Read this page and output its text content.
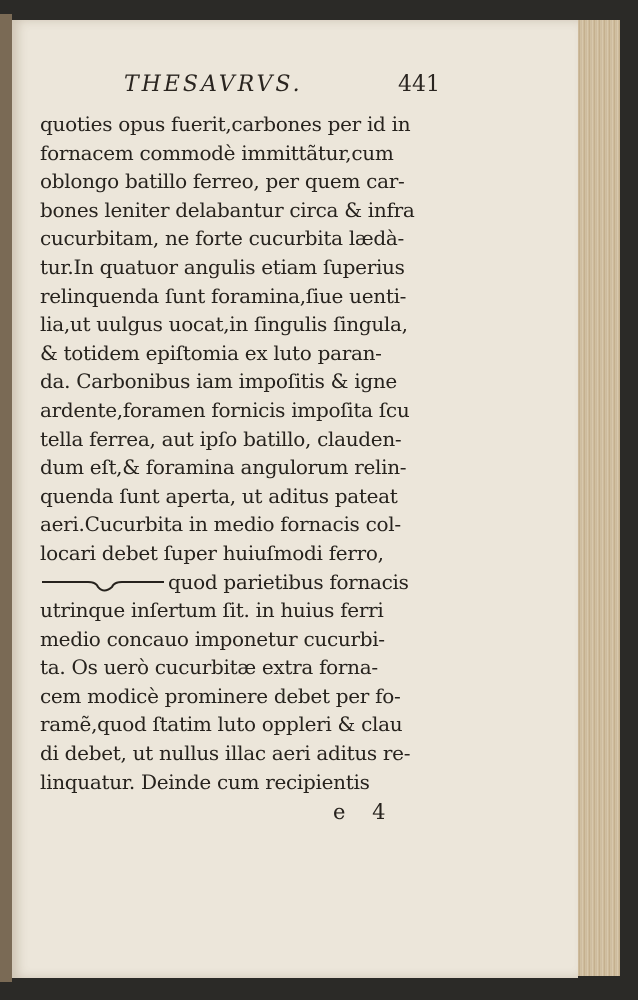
THESAVRVS.	441
quoties opus fuerit,carbones per id in
fornacem commodè immittãtur,cum
oblongo batillo ferreo, per quem car-
bones leniter delabantur circa & infra
cucurbitam, ne forte cucurbita lædà-
tur.In quatuor angulis etiam ſuperius
relinquenda ſunt foramina,ſiue uenti-
lia,ut uulgus uocat,in ſingulis ſingula,
& totidem epiſtomia ex luto paran-
da. Carbonibus iam impoſitis & igne
ardente,foramen fornicis impoſita ſcu
tella ferrea, aut ipſo batillo, clauden-
dum eſt,& foramina angulorum relin-
quenda ſunt aperta, ut aditus pateat
aeri.Cucurbita in medio fornacis col-
locari debet ſuper huiuſmodi ferro,
quod parietibus fornacis
utrinque inſertum ſit. in huius ferri
medio concauo imponetur cucurbi-
ta. Os uerò cucurbitæ extra forna-
cem modicè prominere debet per fo-
ramẽ,quod ſtatim luto oppleri & clau
di debet, ut nullus illac aeri aditus re-
linquatur. Deinde cum recipientis
e 4
